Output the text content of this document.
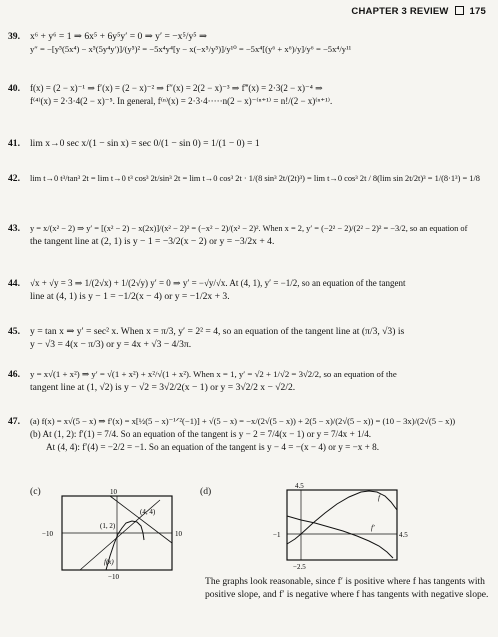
CHAPTER 3 REVIEW 175
39. x⁶ + y⁶ = 1 ⇒ 6x⁵ + 6y⁵y′ = 0 ⇒ y′ = −x⁵/y⁵ ⇒
y″ = −[y⁵(5x⁴) − x⁵(5y⁴y′)]/(y⁵)² = −5x⁴y⁴[y − x(−x⁵/y⁵)]/y¹⁰ = −5x⁴[(y⁶ + x⁶)/y]/y⁶ = −5x⁴/y¹¹
40. f(x) = (2 − x)⁻¹ ⇒ f′(x) = (2 − x)⁻² ⇒ f″(x) = 2(2 − x)⁻³ ⇒ f‴(x) = 2·3(2 − x)⁻⁴ ⇒
f⁽⁴⁾(x) = 2·3·4(2 − x)⁻⁵. In general, f⁽ⁿ⁾(x) = 2·3·4·····n(2 − x)⁻⁽ⁿ⁺¹⁾ = n!/(2 − x)⁽ⁿ⁺¹⁾.
41. lim x→0 sec x/(1 − sin x) = sec 0/(1 − sin 0) = 1/(1 − 0) = 1
42. lim t→0 t³/tan³ 2t = lim t→0 t³ cos³ 2t/sin³ 2t = lim t→0 cos³ 2t · 1/(8 sin³ 2t/(2t)³) = lim t→0 cos³ 2t / 8(lim sin 2t/2t)³ = 1/(8·1³) = 1/8
43. y = x/(x² − 2) ⇒ y′ = [(x² − 2) − x(2x)]/(x² − 2)² = (−x² − 2)/(x² − 2)². When x = 2, y′ = (−2² − 2)/(2² − 2)² = −3/2, so an equation of
the tangent line at (2, 1) is y − 1 = −3/2(x − 2) or y = −3/2x + 4.
44. √x + √y = 3 ⇒ 1/(2√x) + 1/(2√y) y′ = 0 ⇒ y′ = −√y/√x. At (4, 1), y′ = −1/2, so an equation of the tangent
line at (4, 1) is y − 1 = −1/2(x − 4) or y = −1/2x + 3.
45. y = tan x ⇒ y′ = sec² x. When x = π/3, y′ = 2² = 4, so an equation of the tangent line at (π/3, √3) is
y − √3 = 4(x − π/3) or y = 4x + √3 − 4/3π.
46. y = x√(1 + x²) ⇒ y′ = √(1 + x²) + x²/√(1 + x²). When x = 1, y′ = √2 + 1/√2 = 3√2/2, so an equation of the
tangent line at (1, √2) is y − √2 = 3√2/2(x − 1) or y = 3√2/2 x − √2/2.
47. (a) f(x) = x√(5 − x) ⇒ f′(x) = x[½(5 − x)⁻¹ᐟ²(−1)] + √(5 − x) = −x/(2√(5 − x)) + 2(5 − x)/(2√(5 − x)) = (10 − 3x)/(2√(5 − x))
(b) At (1, 2): f′(1) = 7/4. So an equation of the tangent is y − 2 = 7/4(x − 1) or y = 7/4x + 1/4.
At (4, 4): f′(4) = −2/2 = −1. So an equation of the tangent is y − 4 = −(x − 4) or y = −x + 8.
(c)	10
−10
−10	10
(1, 2)
(4, 4)
f(x)
(d)	4.5
−2.5
−1	4.5
f
f′
The graphs look reasonable, since f′ is positive where f has tangents with positive slope, and f′ is negative where f has tangents with negative slope.
